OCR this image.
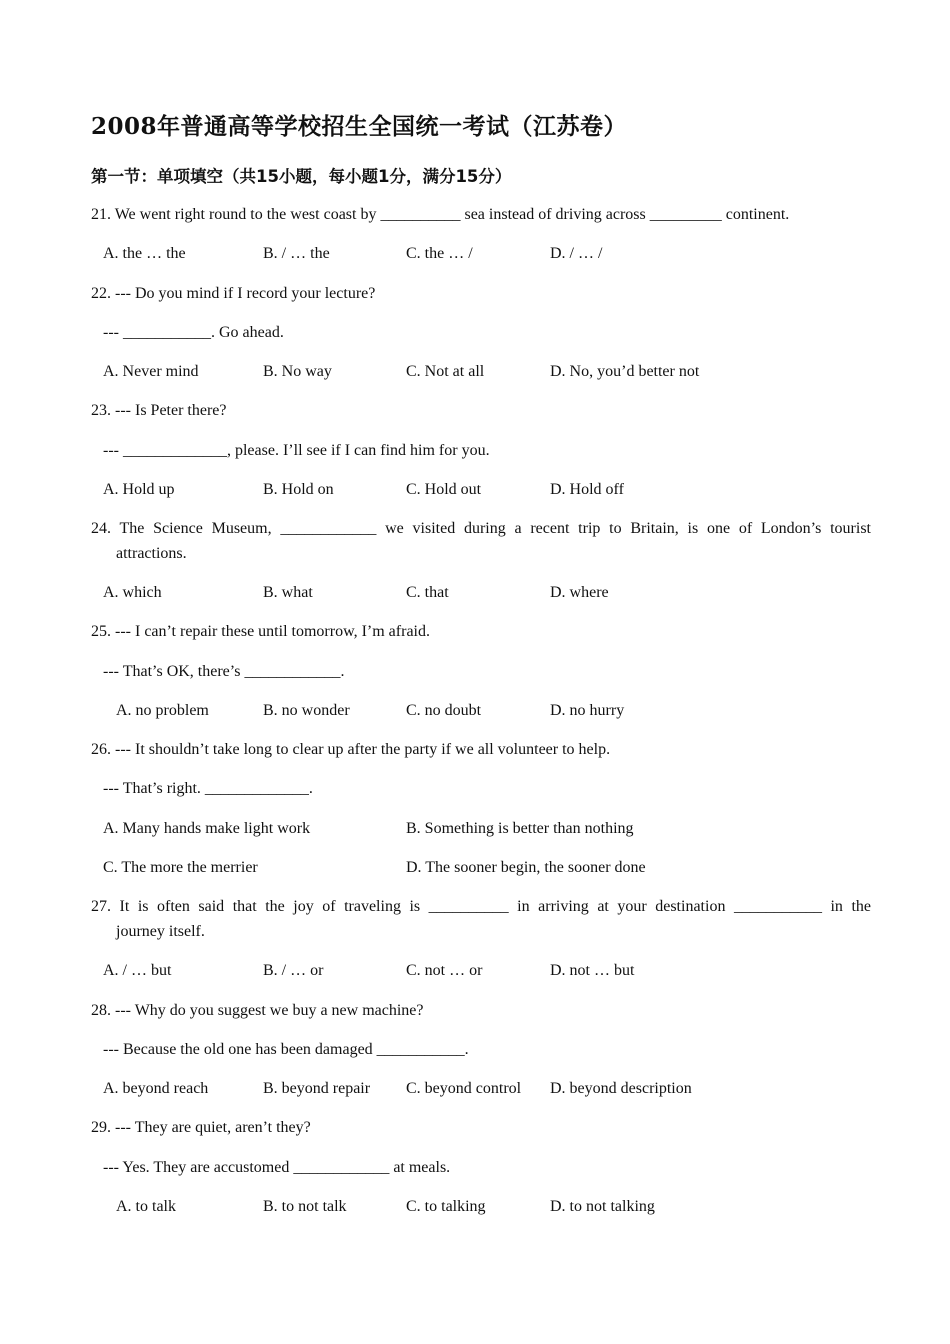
2008年普通高等学校招生全国统一考试（江苏卷）
第一节：单项填空（共15小题，每小题1分，满分15分）
21. We went right round to the west coast by __________ sea instead of driving across _________ continent.
A. the … the	B. / … the	C. the … /	D. / … /
22. --- Do you mind if I record your lecture?
--- ___________. Go ahead.
A. Never mind	B. No way	C. Not at all	D. No, you’d better not
23. --- Is Peter there?
--- _____________, please. I’ll see if I can find him for you.
A. Hold up	B. Hold on	C. Hold out	D. Hold off
24. The Science Museum, ____________ we visited during a recent trip to Britain, is one of London’s tourist
attractions.
A. which	B. what	C. that	D. where
25. --- I can’t repair these until tomorrow, I’m afraid.
--- That’s OK, there’s ____________.
A. no problem	B. no wonder	C. no doubt	D. no hurry
26. --- It shouldn’t take long to clear up after the party if we all volunteer to help.
--- That’s right. _____________.
A. Many hands make light work	B. Something is better than nothing
C. The more the merrier	D. The sooner begin, the sooner done
27. It is often said that the joy of traveling is __________ in arriving at your destination ___________ in the
journey itself.
A. / … but	B. / … or	C. not … or	D. not … but
28. --- Why do you suggest we buy a new machine?
--- Because the old one has been damaged ___________.
A. beyond reach	B. beyond repair C. beyond control D. beyond description
29. --- They are quiet, aren’t they?
--- Yes. They are accustomed ____________ at meals.
A. to talk	B. to not talk	C. to talking	D. to not talking
